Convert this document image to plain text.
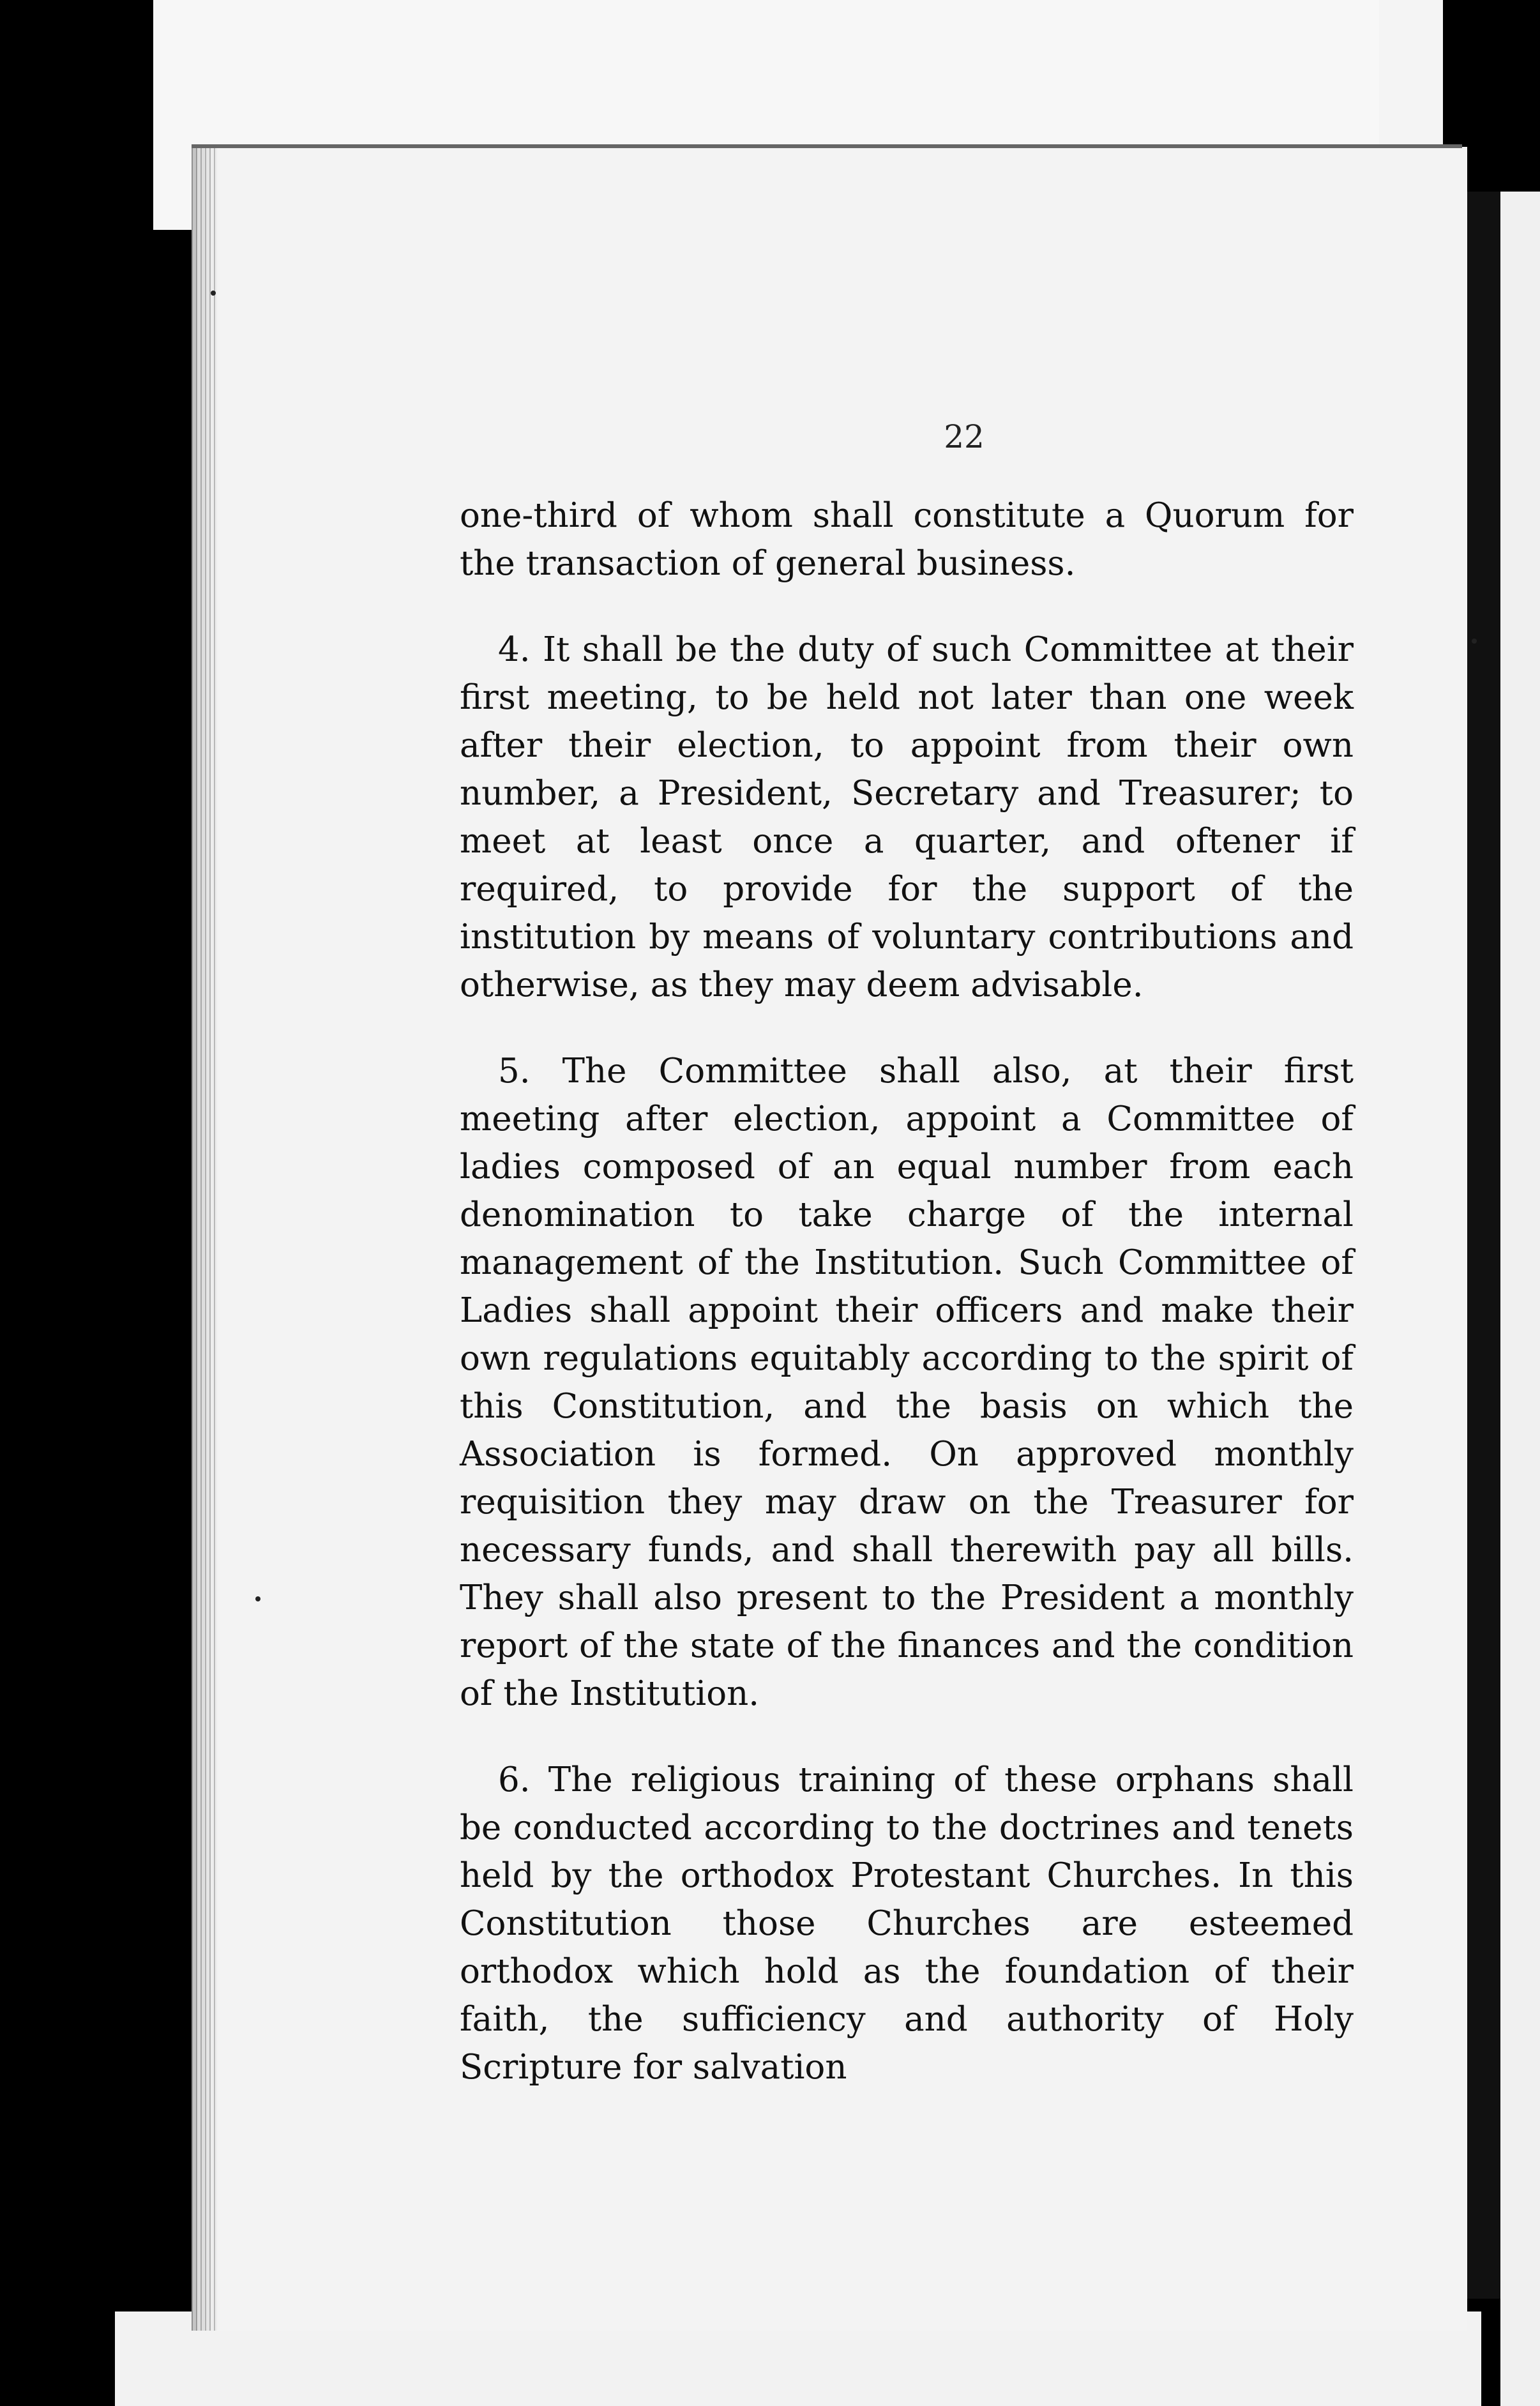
22

one-third of whom shall constitute a Quorum for the transaction of general business.

4. It shall be the duty of such Committee at their first meeting, to be held not later than one week after their election, to appoint from their own number, a President, Secretary and Treasurer; to meet at least once a quarter, and oftener if required, to provide for the support of the institution by means of voluntary contributions and otherwise, as they may deem advisable.

5. The Committee shall also, at their first meeting after election, appoint a Committee of ladies composed of an equal number from each denomination to take charge of the internal management of the Institution. Such Committee of Ladies shall appoint their officers and make their own regulations equitably according to the spirit of this Constitution, and the basis on which the Association is formed. On approved monthly requisition they may draw on the Treasurer for necessary funds, and shall therewith pay all bills. They shall also present to the President a monthly report of the state of the finances and the condition of the Institution.

6. The religious training of these orphans shall be conducted according to the doctrines and tenets held by the orthodox Protestant Churches. In this Constitution those Churches are esteemed orthodox which hold as the foundation of their faith, the sufficiency and authority of Holy Scripture for salvation
